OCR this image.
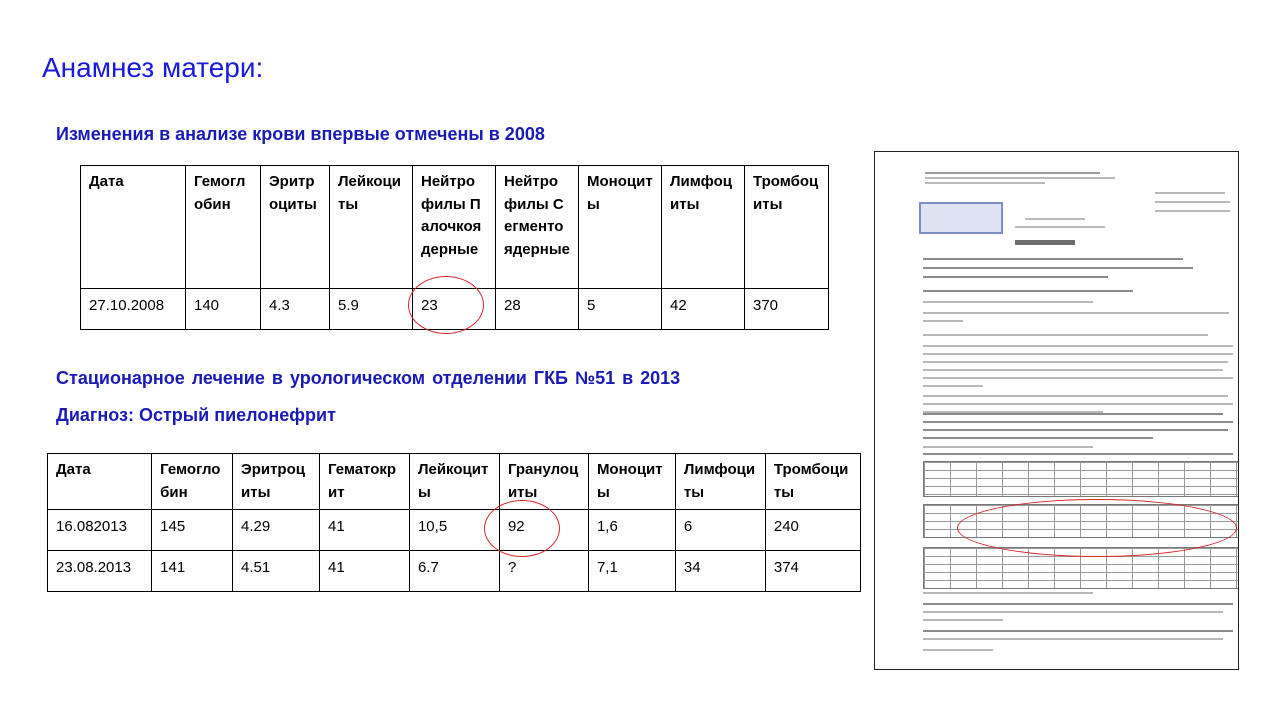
Анамнез матери:
Изменения в анализе крови впервые отмечены в 2008
Дата	Гемоглобин	Эритроциты	Лейкоциты	Нейтрофилы Палочкоядерные	Нейтрофилы Сегментоядерные	Моноциты	Лимфоциты	Тромбоциты
27.10.2008	140	4.3	5.9	23	28	5	42	370
Стационарное лечение в урологическом отделении ГКБ №51 в 2013
Диагноз: Острый пиелонефрит
Дата	Гемоглобин	Эритроциты	Гематокрит	Лейкоциты	Гранулоциты	Моноциты	Лимфоциты	Тромбоциты
16.082013	145	4.29	41	10,5	92	1,6	6	240
23.08.2013	141	4.51	41	6.7	?	7,1	34	374
